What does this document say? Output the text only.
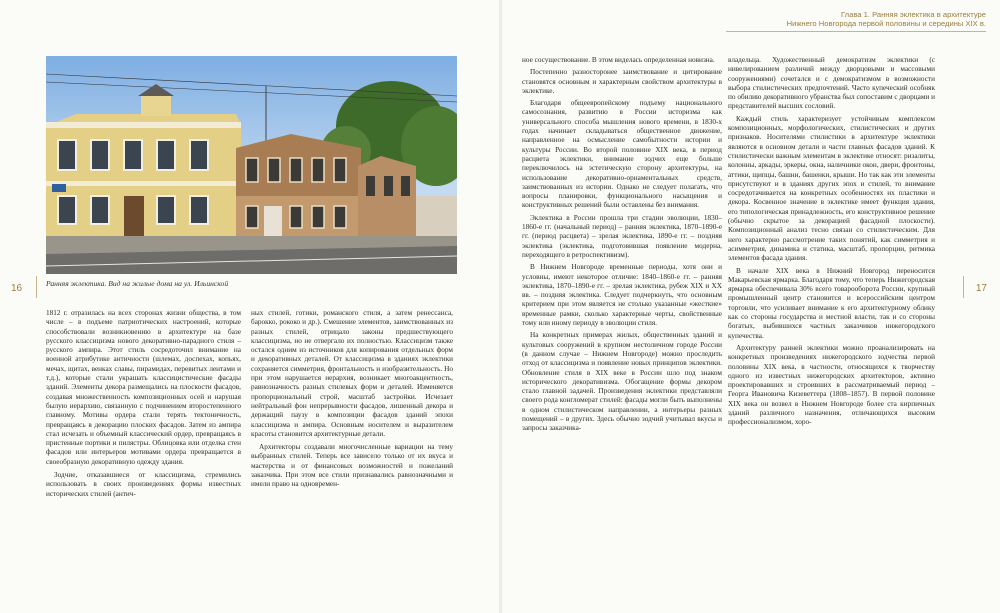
Глава 1. Ранняя эклектика в архитектуре
Нижнего Новгорода первой половины и середины XIX в.
16	17
Ранняя эклектика. Вид на жилые дома на ул. Ильинской

1812 г. отразилась на всех сторонах жизни общества, в том числе – в подъеме патриотических настроений, которые способствовали возникновению в архитектуре на базе русского классицизма нового декоративно-парадного стиля – русского ампира. Этот стиль сосредоточил внимание на военной атрибутике античности (шлемах, доспехах, копьях, мечах, щитах, венках славы, пирамидах, перевитых лентами и т.д.), которые стали украшать классицистические фасады зданий. Элементы декора размещались на плоскости фасадов, создавая множественность композиционных осей и нарушая былую иерархию, связанную с подчинением второстепенного главному. Мотивы ордера стали терять тектоничность, превращаясь в декорацию плоских фасадов. Затем из ампира стал исчезать и объемный классический ордер, превращаясь в пристенные портики и пилястры. Облицовка или отделка стен фасадов или интерьеров мотивами ордера превращается в своеобразную декоративную одежду здания.

Зодчие, отказавшиеся от классицизма, стремились использовать в своих произведениях формы известных исторических стилей (антич-

ных стилей, готики, романского стиля, а затем ренессанса, барокко, рококо и др.). Смешение элементов, заимствованных из разных стилей, отрицало законы предшествующего классицизма, но не отвергало их полностью. Классицизм также остался одним из источников для копирования отдельных форм и декоративных деталей. От классицизма в зданиях эклектики сохраняется симметрия, фронтальность и изобразительность. Но при этом нарушается иерархия, возникает многоакцентность, равнозначность разных стилевых форм и деталей. Изменяется пропорциональный строй, масштаб застройки. Исчезает нейтральный фон непрерывности фасадов, лишенный декора и держащий паузу в композиции фасадов зданий эпохи классицизма и ампира. Основным носителем и выразителем красоты становится архитектурные детали.

Архитекторы создавали многочисленные вариации на тему выбранных стилей. Теперь все зависело только от их вкуса и мастерства и от финансовых возможностей и пожеланий заказчика. При этом все стили признавались равнозначными и имели право на одновремен-

ное сосуществование. В этом виделась определенная новизна.

Постепенно разносторонее заимствование и цитирование становятся основным и характерным свойством архитектуры в эклектике.

Благодаря общеевропейскому подъему национального самосознания, развитию в России историзма как универсального способа мышления нового времени, в 1830-х годах начинает складываться общественное движение, направленное на осмысление самобытности истории и культуры России. Во второй половине XIX века, в период расцвета эклектики, внимание зодчих еще больше переключилось на эстетическую сторону архитектуры, на использование декоративно-орнаментальных средств, заимствованных из истории. Однако не следует полагать, что вопросы планировки, функционального насыщения и конструктивных решений были оставлены без внимания.

Эклектика в России прошла три стадии эволюции, 1830–1860-е гг. (начальный период) – ранняя эклектика, 1870–1890-е гг. (период расцвета) – зрелая эклектика, 1890-е гг. – поздняя эклектика (эклектика, подготовившая появление модерна, переходящего в ретроспективизм).

В Нижнем Новгороде временные периоды, хотя они и условны, имеют некоторое отличие: 1840–1860-е гг. – ранняя эклектика, 1870–1890-е гг. – зрелая эклектика, рубеж XIX и XX вв. – поздняя эклектика. Следует подчеркнуть, что основным критерием при этом является не столько указанные «жесткие» временные рамки, сколько характерные черты, свойственные тому или иному периоду в эволюции стиля.

На конкретных примерах жилых, общественных зданий и культовых сооружений в крупном нестоличном городе России (в данном случае – Нижнем Новгороде) можно проследить отход от классицизма и появление новых принципов эклектики. Обновление стиля в XIX веке в России шло под знаком исторического декоративизма. Обогащение формы декором стало главной задачей. Произведения эклектики представляли своего рода конгломерат стилей: фасады могли быть выполнены в одном стилистическом направлении, а интерьеры разных помещений – в других. Здесь обычно зодчий учитывал вкусы и запросы заказчика-

владельца. Художественный демократизм эклектики (с нивелированием различий между дворцовыми и массовыми сооружениями) сочетался и с демократизмом в возможности выбора стилистических предпочтений. Часто купеческий особняк по обилию декоративного убранства был сопоставим с дворцами и представителей высших сословий.

Каждый стиль характеризует устойчивым комплексом композиционных, морфологических, стилистических и других признаков. Носителями стилистики в архитектуре эклектики являются в основном детали и части главных фасадов зданий. К стилистически важным элементам в эклектике относят: ризалиты, колонны, аркады, эркеры, окна, наличники окон, двери, фронтоны, аттики, щипцы, башни, башенки, крыши. Но так как эти элементы присутствуют и в зданиях других эпох и стилей, то внимание сосредотачивается на конкретных особенностях их пластики и декора. Косвенное значение в эклектике имеет функция здания, его типологическая принадлежность, его конструктивное решение (обычно скрытое за декорацией фасадной плоскости). Композиционный анализ тесно связан со стилистическим. Для него характерно рассмотрение таких понятий, как симметрия и асимметрия, динамика и статика, масштаб, пропорции, ритмика элементов фасада здания.

В начале XIX века в Нижний Новгород переносится Макарьевская ярмарка. Благодаря тому, что теперь Нижегородская ярмарка обеспечивала 30% всего товарооборота России, крупный промышленный центр становится и всероссийским центром торговли, что усиливает внимание к его архитектурному облику как со стороны государства и местной власти, так и со стороны богатых, выбившихся частных заказчиков нижегородского купечества.

Архитектуру ранней эклектики можно проанализировать на конкретных произведениях нижегородского зодчества первой половины XIX века, в частности, относящихся к творчеству одного из известных нижегородских архитекторов, активно проектировавших и строивших в рассматриваемый период – Георга Ивановича Кизеветтера (1808–1857). В первой половине XIX века он возвел в Нижнем Новгороде более ста кирпичных зданий различного назначения, отличающихся высоким профессионализмом, хоро-
